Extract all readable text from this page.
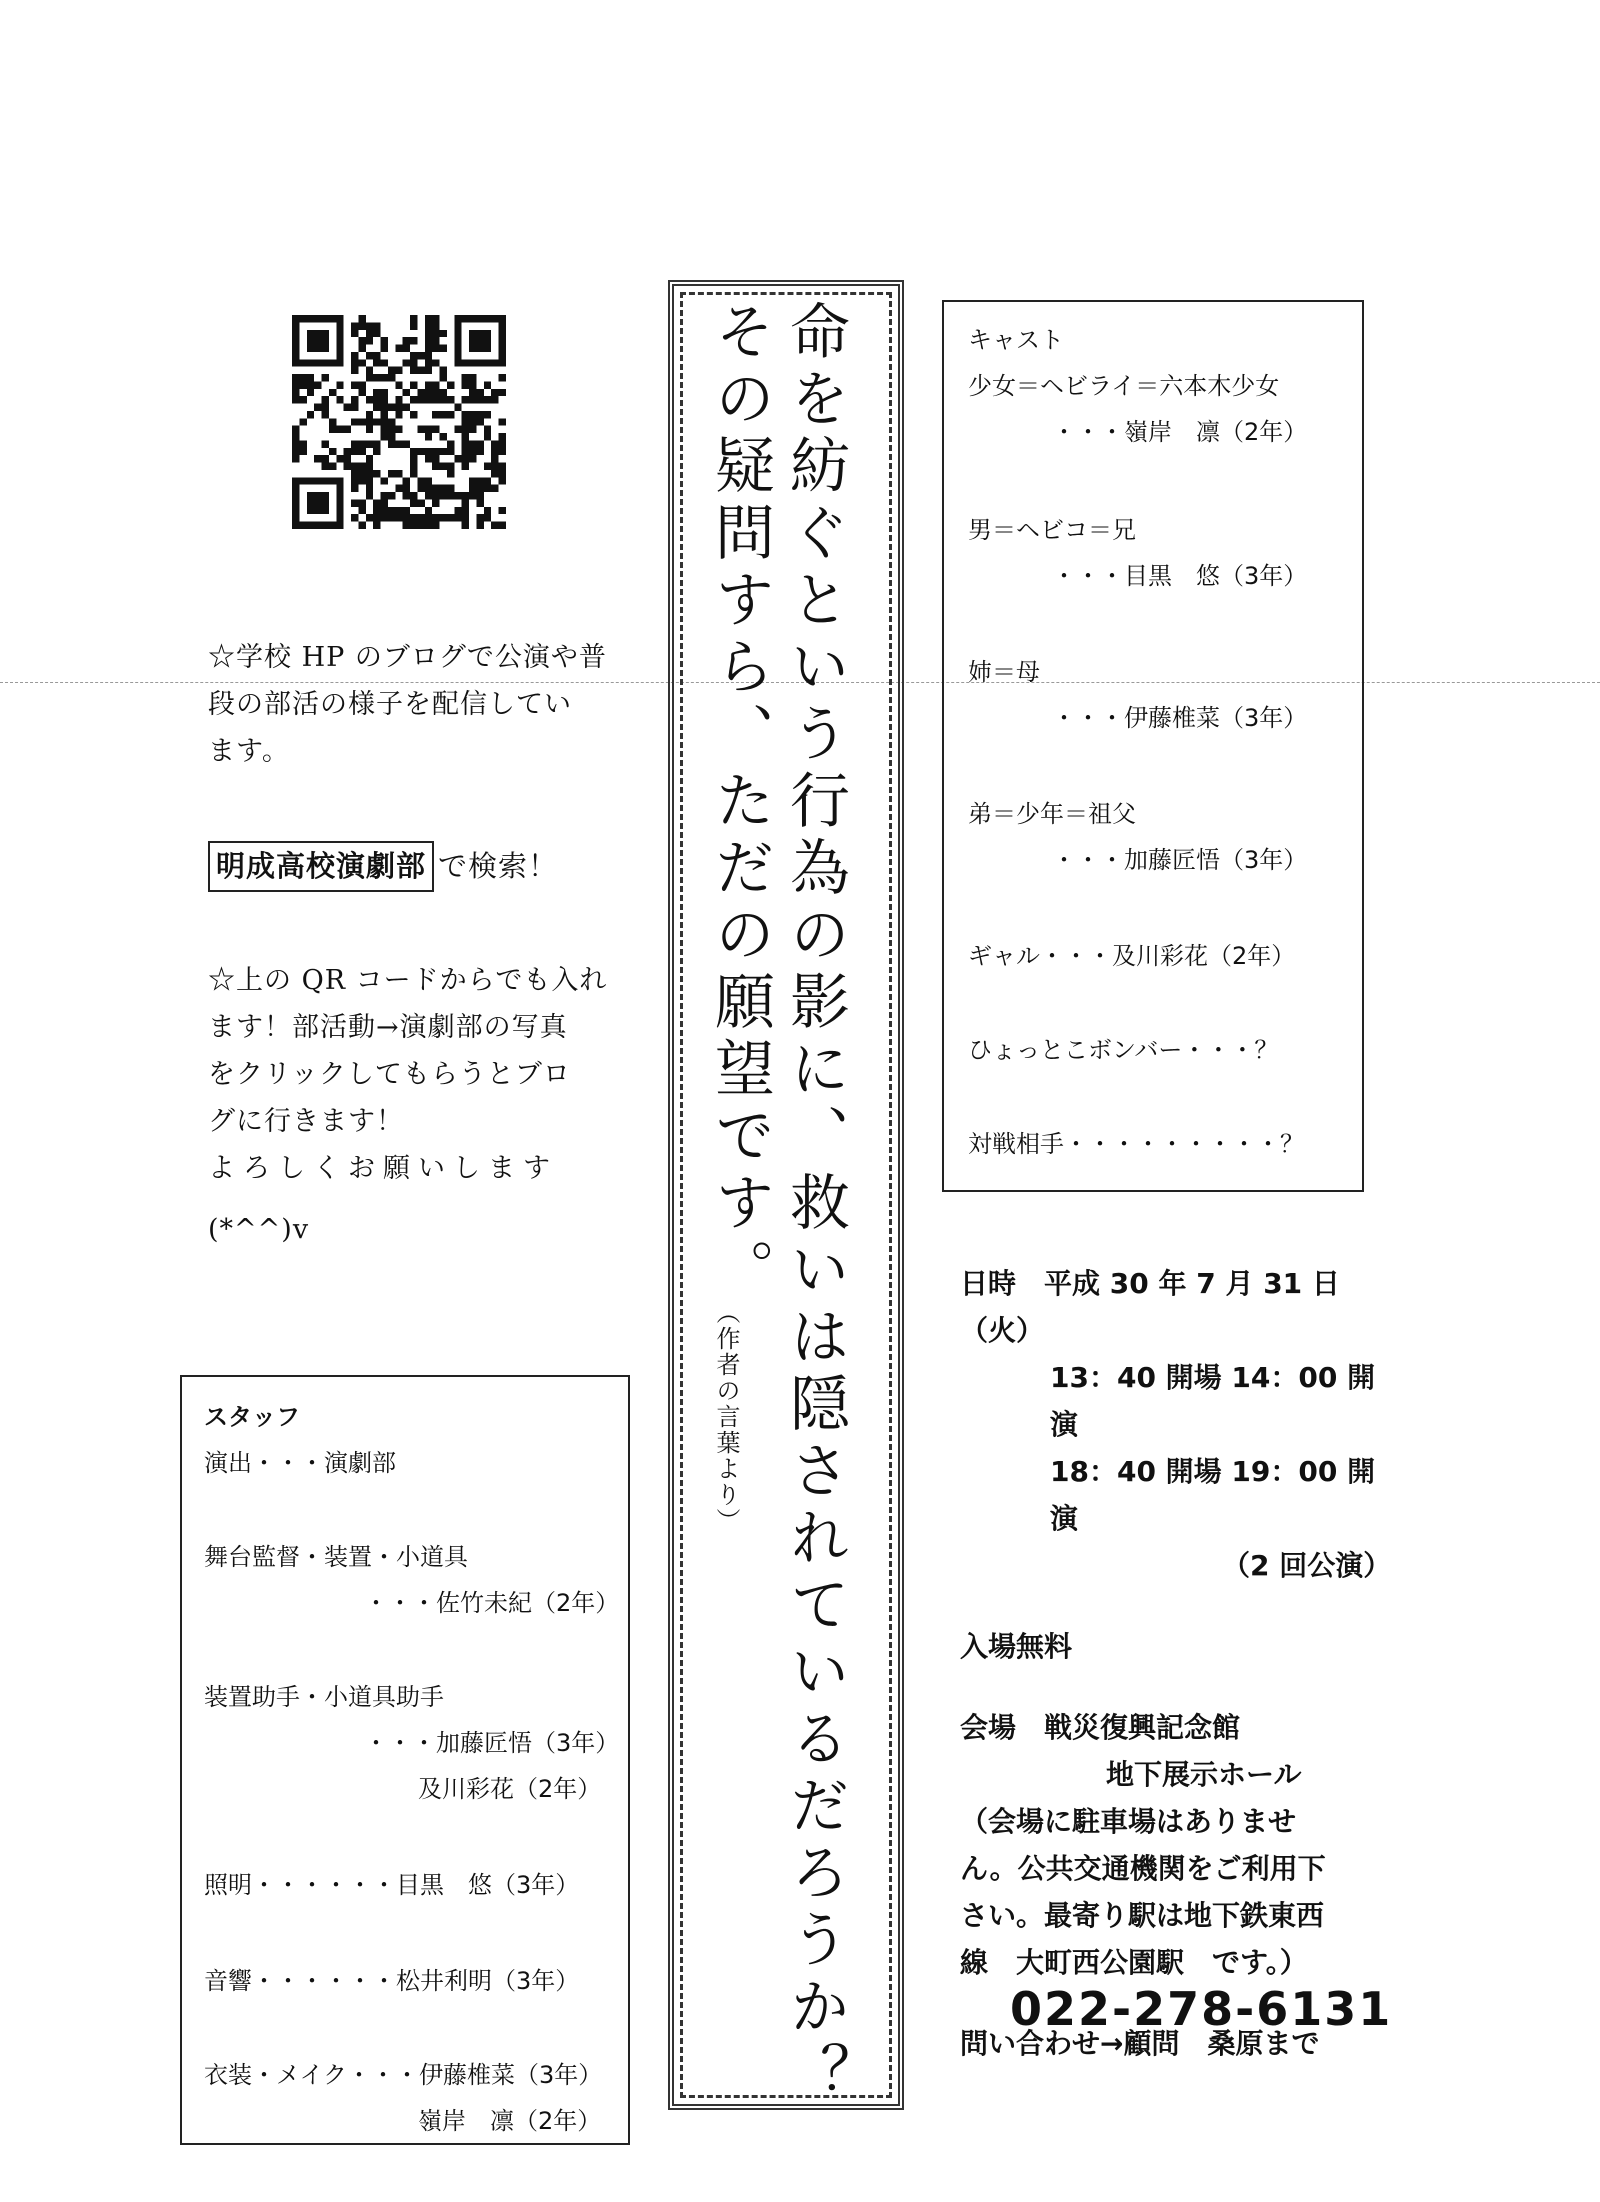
☆学校 HP のブログで公演や普

段の部活の様子を配信してい

ます。

明成高校演劇部 で検索！

☆上の QR コードからでも入れ

ます！部活動→演劇部の写真

をクリックしてもらうとブロ

グに行きます！

よろしくお願いします

(*^^)v

スタッフ
演出・・・演劇部
舞台監督・装置・小道具
・・・佐竹未紀（2年）
装置助手・小道具助手
・・・加藤匠悟（3年）
及川彩花（2年）
照明・・・・・・目黒　悠（3年）
音響・・・・・・松井利明（3年）
衣装・メイク・・・伊藤椎菜（3年）
嶺岸　凛（2年）
命を紡ぐという行為の影に、救いは隠されているだろうか？
その疑問すら、ただの願望です。
（作者の言葉より）
キャスト
少女＝ヘビライ＝六本木少女
・・・嶺岸　凛（2年）
男＝ヘビコ＝兄
・・・目黒　悠（3年）
姉＝母
・・・伊藤椎菜（3年）
弟＝少年＝祖父
・・・加藤匠悟（3年）
ギャル・・・及川彩花（2年）
ひょっとこボンバー・・・？
対戦相手・・・・・・・・・？

日時　平成 30 年 7 月 31 日（火）

13：40 開場 14：00 開演

18：40 開場 19：00 開演

（2 回公演）

入場無料

会場　戦災復興記念館

地下展示ホール

（会場に駐車場はありませ

ん。公共交通機関をご利用下

さい。最寄り駅は地下鉄東西

線　大町西公園駅　です。）

問い合わせ→顧問　桑原まで

022-278-6131
